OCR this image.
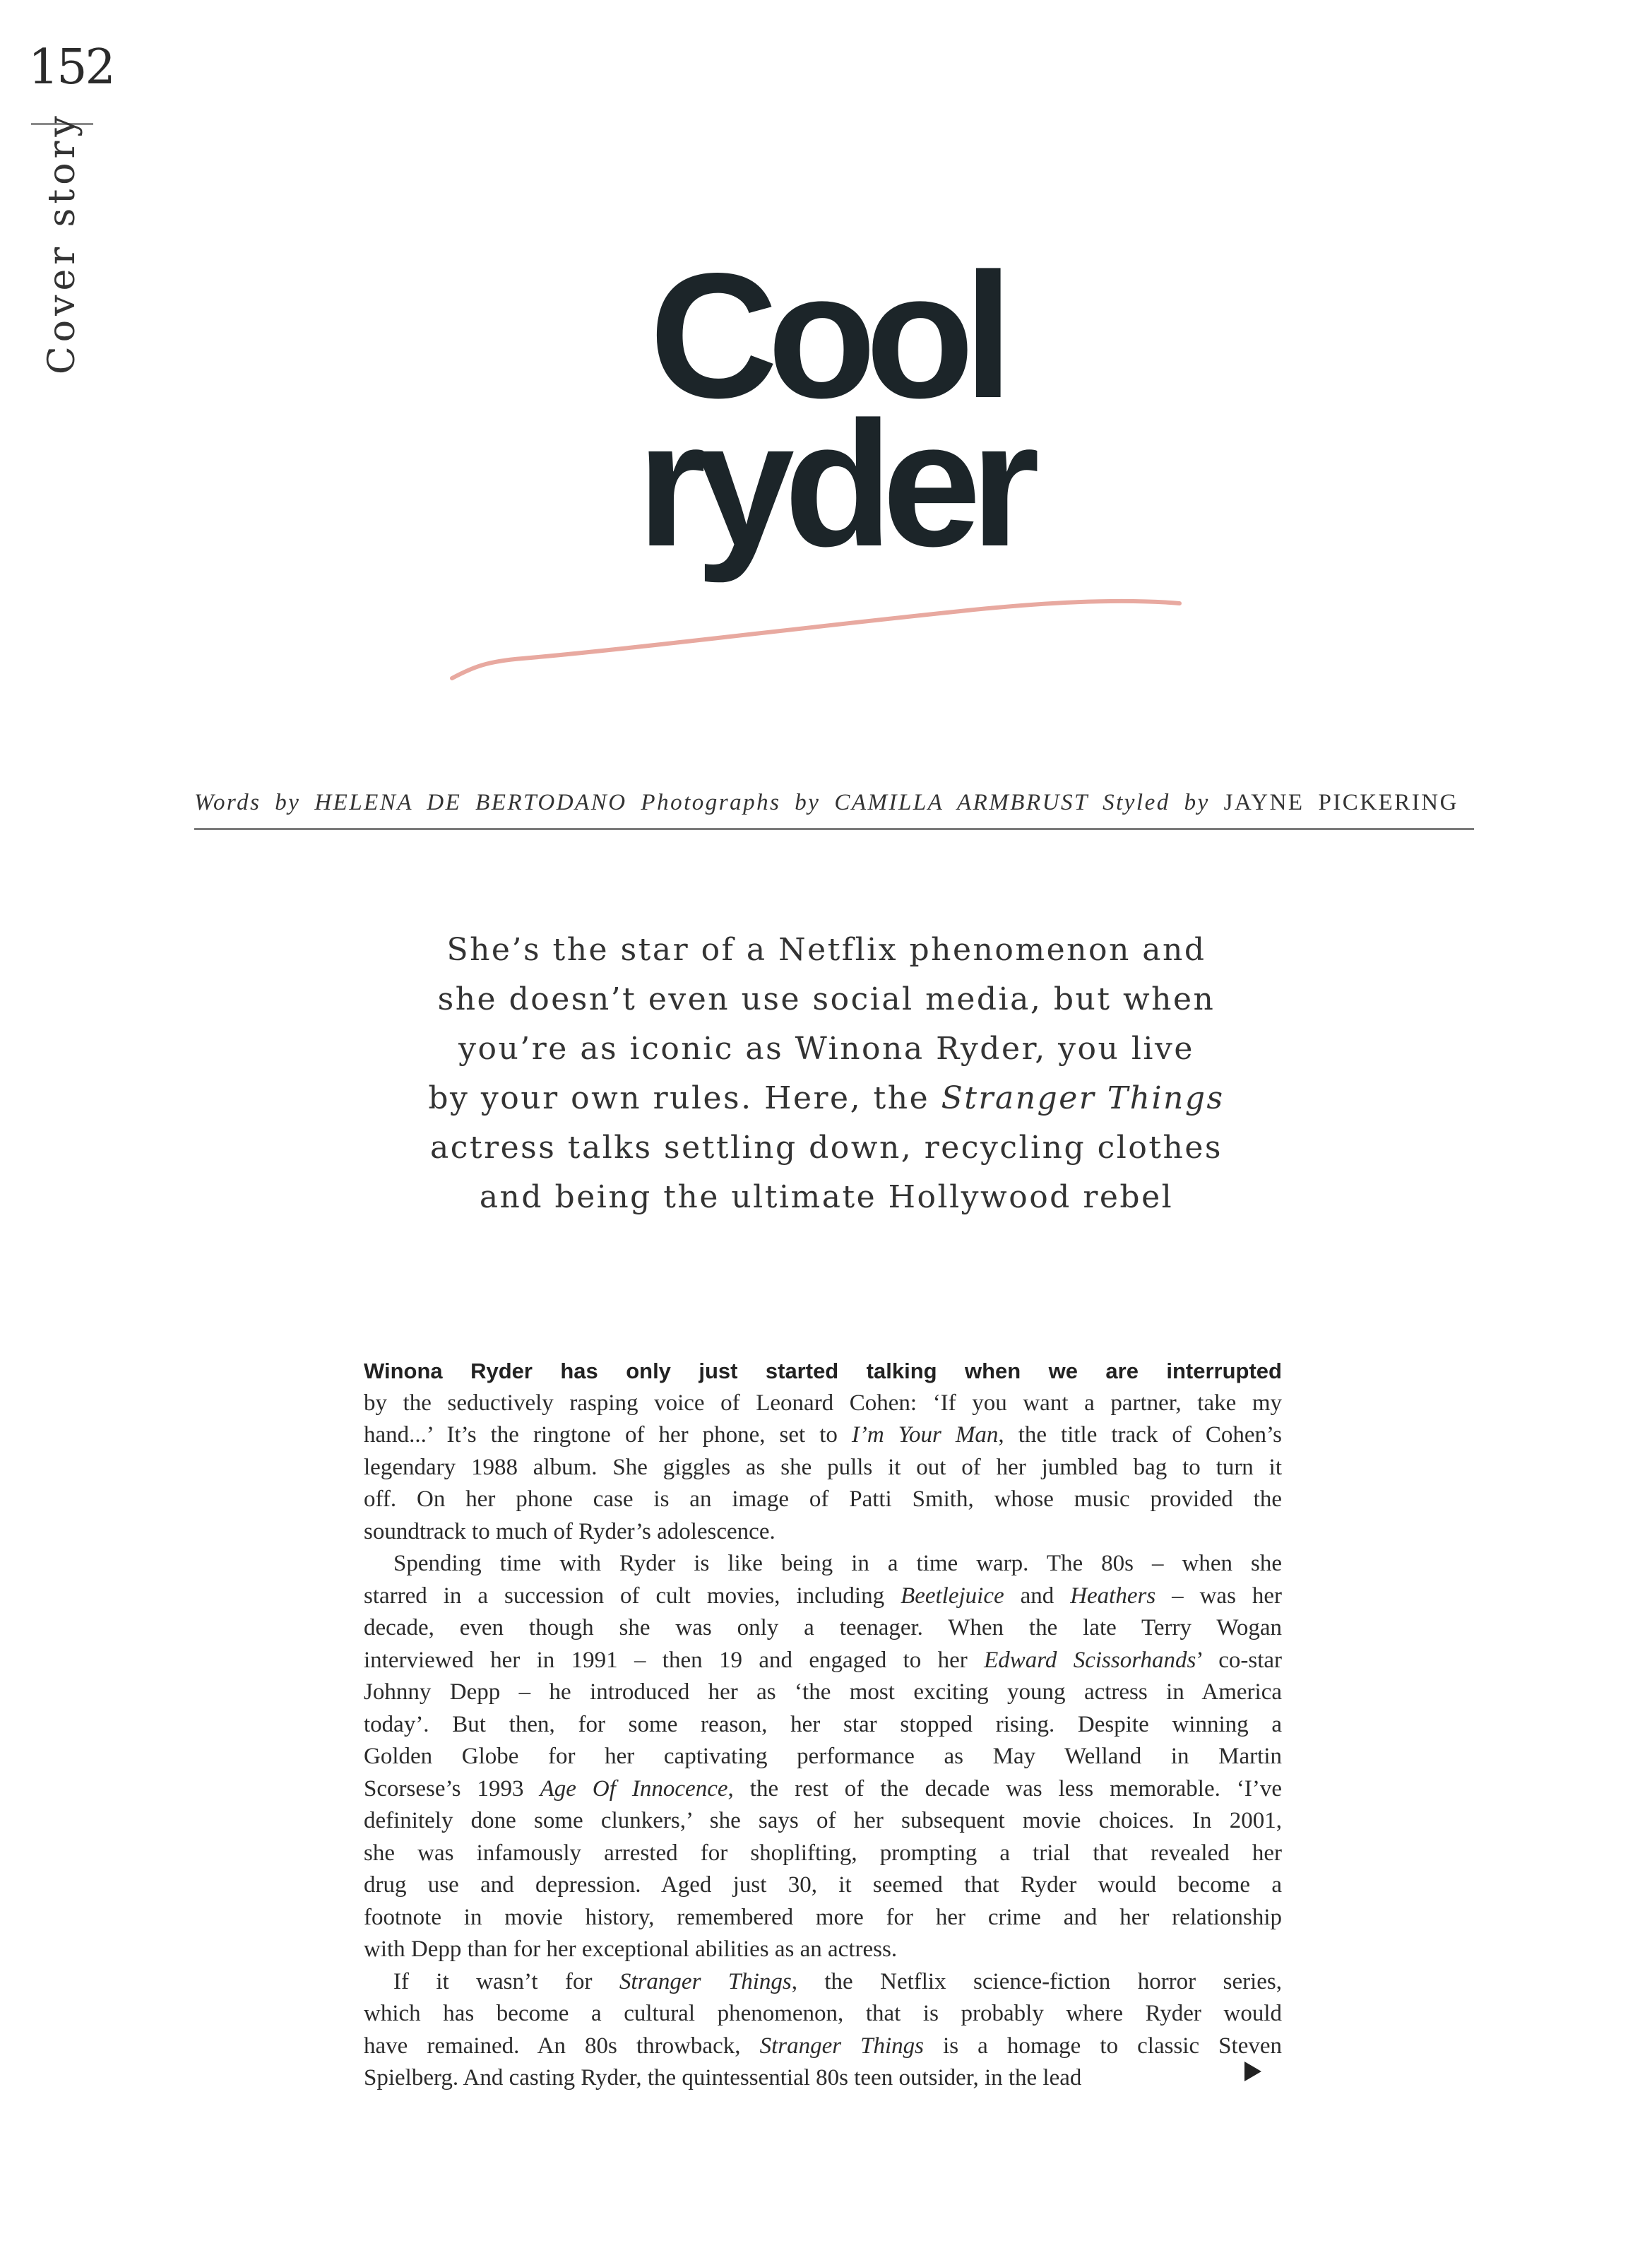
152
Cover story	Cool
ryder
Words by HELENA DE BERTODANO Photographs by CAMILLA ARMBRUST Styled by JAYNE PICKERING
She’s the star of a Netflix phenomenon and
she doesn’t even use social media, but when
you’re as iconic as Winona Ryder, you live
by your own rules. Here, the Stranger Things
actress talks settling down, recycling clothes
and being the ultimate Hollywood rebel
Winona Ryder has only just started talking when we are interrupted
by the seductively rasping voice of Leonard Cohen: ‘If you want a partner, take my
hand...’ It’s the ringtone of her phone, set to I’m Your Man, the title track of Cohen’s
legendary 1988 album. She giggles as she pulls it out of her jumbled bag to turn it
off. On her phone case is an image of Patti Smith, whose music provided the
soundtrack to much of Ryder’s adolescence.
Spending time with Ryder is like being in a time warp. The 80s – when she
starred in a succession of cult movies, including Beetlejuice and Heathers – was her
decade, even though she was only a teenager. When the late Terry Wogan
interviewed her in 1991 – then 19 and engaged to her Edward Scissorhands’ co-star
Johnny Depp – he introduced her as ‘the most exciting young actress in America
today’. But then, for some reason, her star stopped rising. Despite winning a
Golden Globe for her captivating performance as May Welland in Martin
Scorsese’s 1993 Age Of Innocence, the rest of the decade was less memorable. ‘I’ve
definitely done some clunkers,’ she says of her subsequent movie choices. In 2001,
she was infamously arrested for shoplifting, prompting a trial that revealed her
drug use and depression. Aged just 30, it seemed that Ryder would become a
footnote in movie history, remembered more for her crime and her relationship
with Depp than for her exceptional abilities as an actress.
If it wasn’t for Stranger Things, the Netflix science-fiction horror series,
which has become a cultural phenomenon, that is probably where Ryder would
have remained. An 80s throwback, Stranger Things is a homage to classic Steven
Spielberg. And casting Ryder, the quintessential 80s teen outsider, in the lead
